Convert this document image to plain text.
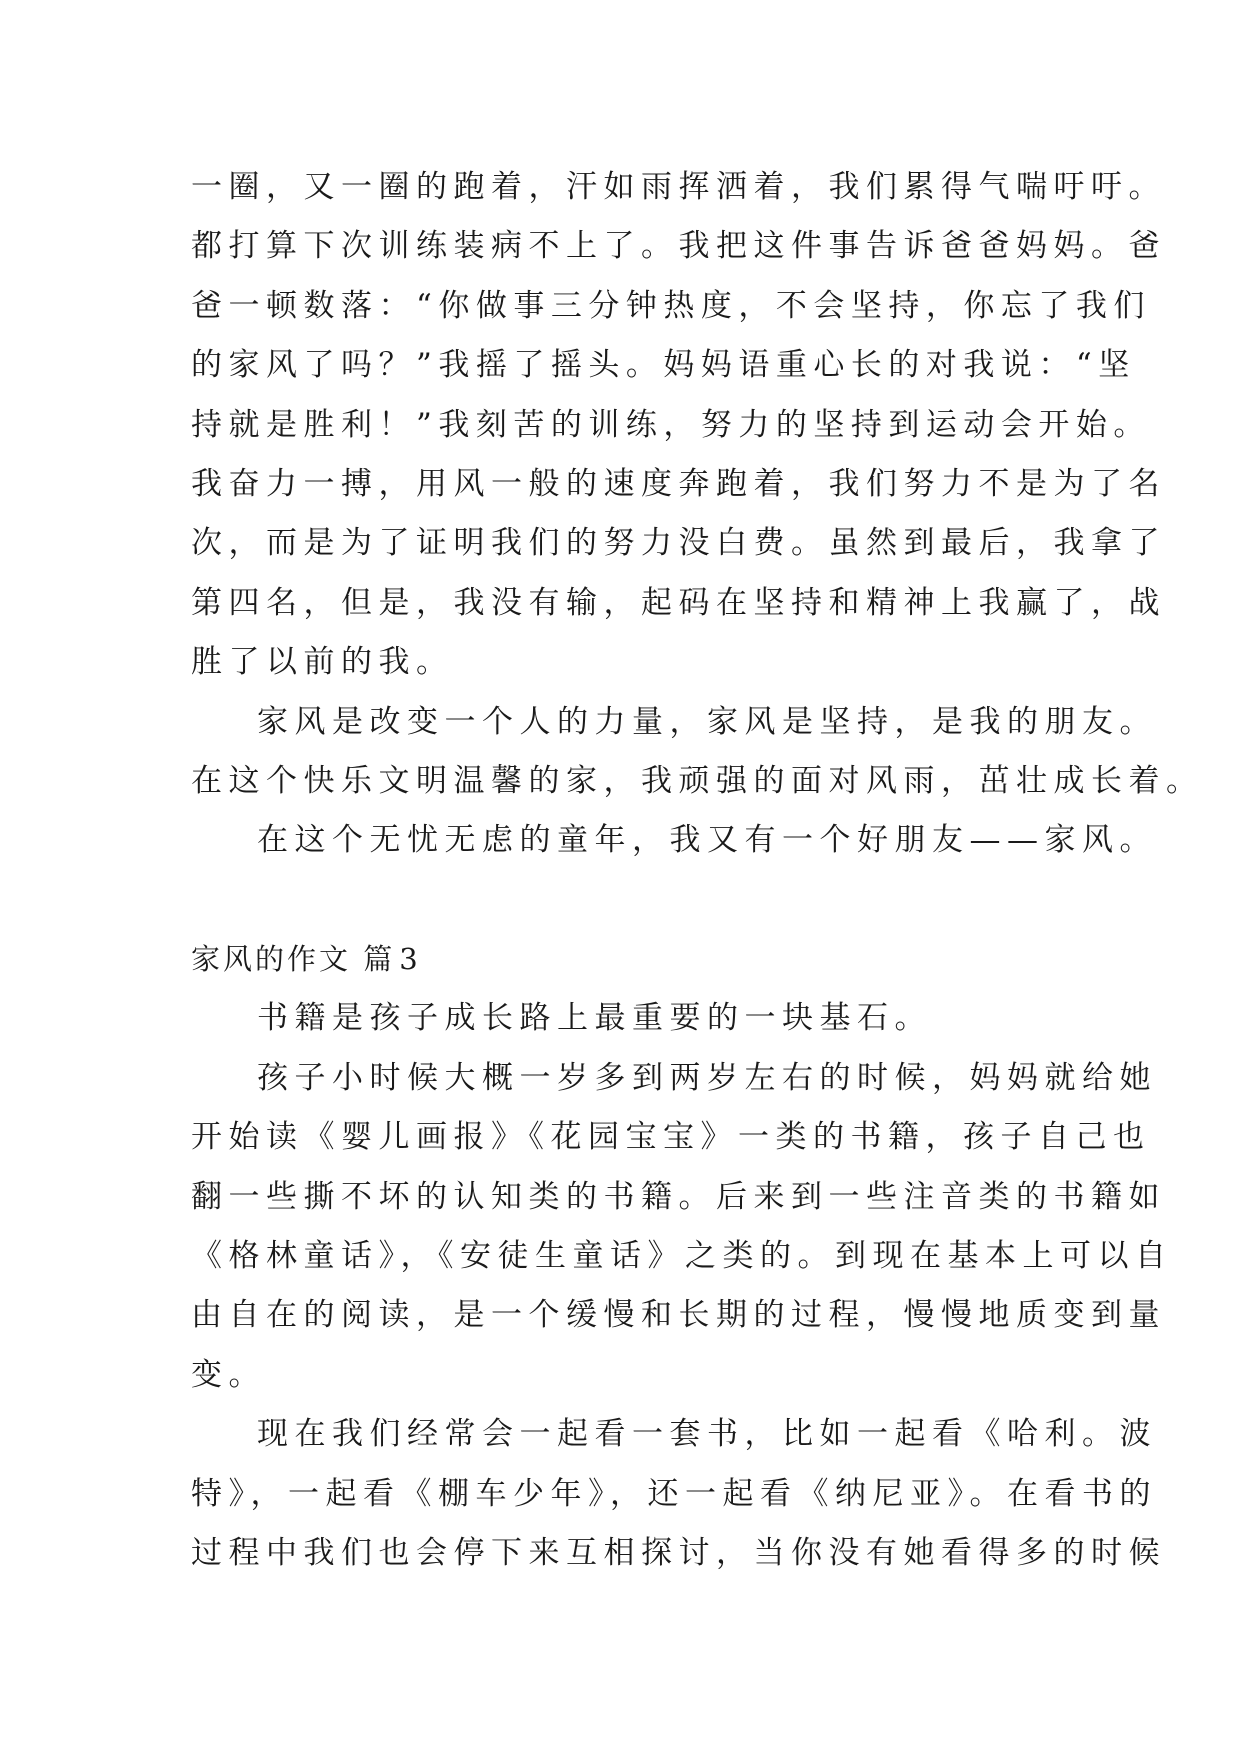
一圈，又一圈的跑着，汗如雨挥洒着，我们累得气喘吁吁。
都打算下次训练装病不上了。我把这件事告诉爸爸妈妈。爸
爸一顿数落：“你做事三分钟热度，不会坚持，你忘了我们
的家风了吗？”我摇了摇头。妈妈语重心长的对我说：“坚
持就是胜利！”我刻苦的训练，努力的坚持到运动会开始。
我奋力一搏，用风一般的速度奔跑着，我们努力不是为了名
次，而是为了证明我们的努力没白费。虽然到最后，我拿了
第四名，但是，我没有输，起码在坚持和精神上我赢了，战
胜了以前的我。
家风是改变一个人的力量，家风是坚持，是我的朋友。
在这个快乐文明温馨的家，我顽强的面对风雨，茁壮成长着。
在这个无忧无虑的童年，我又有一个好朋友——家风。
家风的作文 篇 3
书籍是孩子成长路上最重要的一块基石。
孩子小时候大概一岁多到两岁左右的时候，妈妈就给她
开始读《婴儿画报》《花园宝宝》一类的书籍，孩子自己也
翻一些撕不坏的认知类的书籍。后来到一些注音类的书籍如
《格林童话》，《安徒生童话》之类的。到现在基本上可以自
由自在的阅读，是一个缓慢和长期的过程，慢慢地质变到量
变。
现在我们经常会一起看一套书，比如一起看《哈利。波
特》，一起看《棚车少年》，还一起看《纳尼亚》。在看书的
过程中我们也会停下来互相探讨，当你没有她看得多的时候
